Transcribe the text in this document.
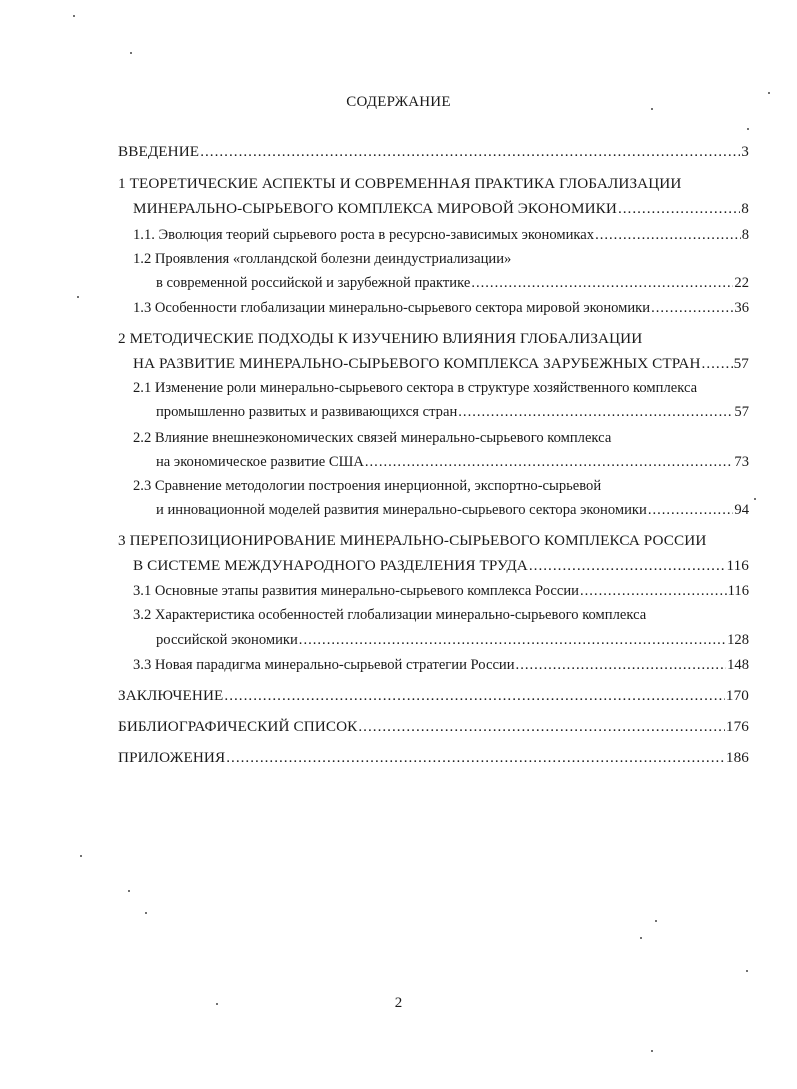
СОДЕРЖАНИЕ
ВВЕДЕНИЕ .....	3
1 ТЕОРЕТИЧЕСКИЕ АСПЕКТЫ И СОВРЕМЕННАЯ ПРАКТИКА ГЛОБАЛИЗАЦИИ
МИНЕРАЛЬНО-СЫРЬЕВОГО КОМПЛЕКСА МИРОВОЙ ЭКОНОМИКИ .....	8
1.1. Эволюция теорий сырьевого роста в ресурсно-зависимых экономиках .....	8
1.2 Проявления «голландской болезни деиндустриализации»
в современной российской и зарубежной практике .....	22
1.3 Особенности глобализации минерально-сырьевого сектора мировой экономики .....	36
2 МЕТОДИЧЕСКИЕ ПОДХОДЫ К ИЗУЧЕНИЮ ВЛИЯНИЯ ГЛОБАЛИЗАЦИИ
НА РАЗВИТИЕ МИНЕРАЛЬНО-СЫРЬЕВОГО КОМПЛЕКСА ЗАРУБЕЖНЫХ СТРАН ..... 57
2.1 Изменение роли минерально-сырьевого сектора в структуре хозяйственного комплекса
промышленно развитых и развивающихся стран .....	57
2.2 Влияние внешнеэкономических связей минерально-сырьевого комплекса
на экономическое развитие США .....	73
2.3 Сравнение методологии построения инерционной, экспортно-сырьевой
и инновационной моделей развития минерально-сырьевого сектора экономики .....	94
3 ПЕРЕПОЗИЦИОНИРОВАНИЕ МИНЕРАЛЬНО-СЫРЬЕВОГО КОМПЛЕКСА РОССИИ
В СИСТЕМЕ МЕЖДУНАРОДНОГО РАЗДЕЛЕНИЯ ТРУДА .....	116
3.1 Основные этапы развития минерально-сырьевого комплекса России .....	116
3.2 Характеристика особенностей глобализации минерально-сырьевого комплекса
российской экономики .....	128
3.3 Новая парадигма минерально-сырьевой стратегии России .....	148
ЗАКЛЮЧЕНИЕ .....	170
БИБЛИОГРАФИЧЕСКИЙ СПИСОК .....	176
ПРИЛОЖЕНИЯ .....	186
2
